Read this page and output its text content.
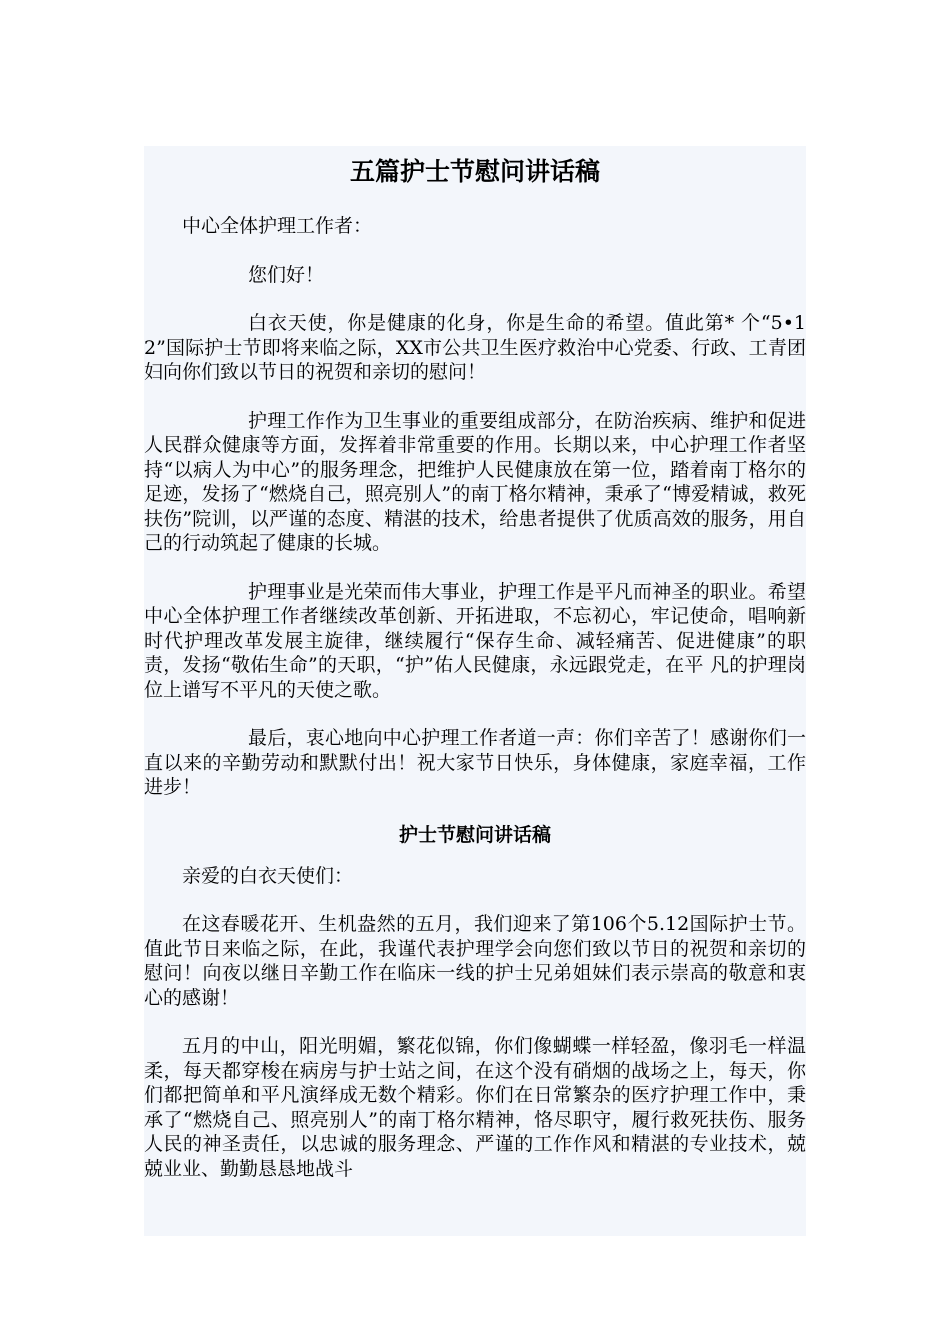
五篇护士节慰问讲话稿

中心全体护理工作者：

您们好！

白衣天使，你是健康的化身，你是生命的希望。值此第* 个“5•12”国际护士节即将来临之际，XX市公共卫生医疗救治中心党委、行政、工青团妇向你们致以节日的祝贺和亲切的慰问！

护理工作作为卫生事业的重要组成部分，在防治疾病、维护和促进人民群众健康等方面，发挥着非常重要的作用。长期以来，中心护理工作者坚持“以病人为中心”的服务理念，把维护人民健康放在第一位，踏着南丁格尔的足迹，发扬了“燃烧自己，照亮别人”的南丁格尔精神，秉承了“博爱精诚，救死扶伤”院训，以严谨的态度、精湛的技术，给患者提供了优质高效的服务，用自己的行动筑起了健康的长城。

护理事业是光荣而伟大事业，护理工作是平凡而神圣的职业。希望中心全体护理工作者继续改革创新、开拓进取，不忘初心，牢记使命，唱响新时代护理改革发展主旋律，继续履行“保存生命、减轻痛苦、促进健康”的职责，发扬“敬佑生命”的天职，“护”佑人民健康，永远跟党走，在平 凡的护理岗位上谱写不平凡的天使之歌。

最后，衷心地向中心护理工作者道一声：你们辛苦了！感谢你们一直以来的辛勤劳动和默默付出！祝大家节日快乐，身体健康，家庭幸福，工作进步！

护士节慰问讲话稿

亲爱的白衣天使们：

在这春暖花开、生机盎然的五月，我们迎来了第106个5.12国际护士节。值此节日来临之际，在此，我谨代表护理学会向您们致以节日的祝贺和亲切的慰问！向夜以继日辛勤工作在临床一线的护士兄弟姐妹们表示崇高的敬意和衷心的感谢！

五月的中山，阳光明媚，繁花似锦，你们像蝴蝶一样轻盈，像羽毛一样温柔，每天都穿梭在病房与护士站之间，在这个没有硝烟的战场之上，每天，你们都把简单和平凡演绎成无数个精彩。你们在日常繁杂的医疗护理工作中，秉承了“燃烧自己、照亮别人”的南丁格尔精神，恪尽职守，履行救死扶伤、服务人民的神圣责任，以忠诚的服务理念、严谨的工作作风和精湛的专业技术，兢兢业业、勤勤恳恳地战斗
